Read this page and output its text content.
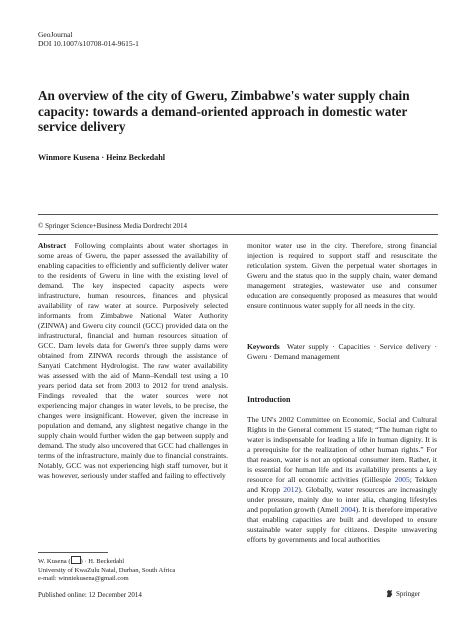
GeoJournal
DOI 10.1007/s10708-014-9615-1
An overview of the city of Gweru, Zimbabwe's water supply chain capacity: towards a demand-oriented approach in domestic water service delivery
Winmore Kusena · Heinz Beckedahl
© Springer Science+Business Media Dordrecht 2014
Abstract Following complaints about water shortages in some areas of Gweru, the paper assessed the availability of enabling capacities to efficiently and sufficiently deliver water to the residents of Gweru in line with the existing level of demand. The key inspected capacity aspects were infrastructure, human resources, finances and physical availability of raw water at source. Purposively selected informants from Zimbabwe National Water Authority (ZINWA) and Gweru city council (GCC) provided data on the infrastructural, financial and human resources situation of GCC. Dam levels data for Gweru's three supply dams were obtained from ZINWA records through the assistance of Sanyati Catchment Hydrologist. The raw water availability was assessed with the aid of Mann–Kendall test using a 10 years period data set from 2003 to 2012 for trend analysis. Findings revealed that the water sources were not experiencing major changes in water levels, to be precise, the changes were insignificant. However, given the increase in population and demand, any slightest negative change in the supply chain would further widen the gap between supply and demand. The study also uncovered that GCC had challenges in terms of the infrastructure, mainly due to financial constraints. Notably, GCC was not experiencing high staff turnover, but it was however, seriously under staffed and failing to effectively
monitor water use in the city. Therefore, strong financial injection is required to support staff and resuscitate the reticulation system. Given the perpetual water shortages in Gweru and the status quo in the supply chain, water demand management strategies, wastewater use and consumer education are consequently proposed as measures that would ensure continuous water supply for all needs in the city.
Keywords Water supply · Capacities · Service delivery · Gweru · Demand management
Introduction
The UN's 2002 Committee on Economic, Social and Cultural Rights in the General comment 15 stated; “The human right to water is indispensable for leading a life in human dignity. It is a prerequisite for the realization of other human rights.” For that reason, water is not an optional consumer item. Rather, it is essential for human life and its availability presents a key resource for all economic activities (Gillespie 2005; Tekken and Kropp 2012). Globally, water resources are increasingly under pressure, mainly due to inter alia, changing lifestyles and population growth (Amell 2004). It is therefore imperative that enabling capacities are built and developed to ensure sustainable water supply for citizens. Despite unwavering efforts by governments and local authorities
W. Kusena ( ) · H. Beckedahl
University of KwaZulu Natal, Durban, South Africa
e-mail: winniekusena@gmail.com
Published online: 12 December 2014	Springer
